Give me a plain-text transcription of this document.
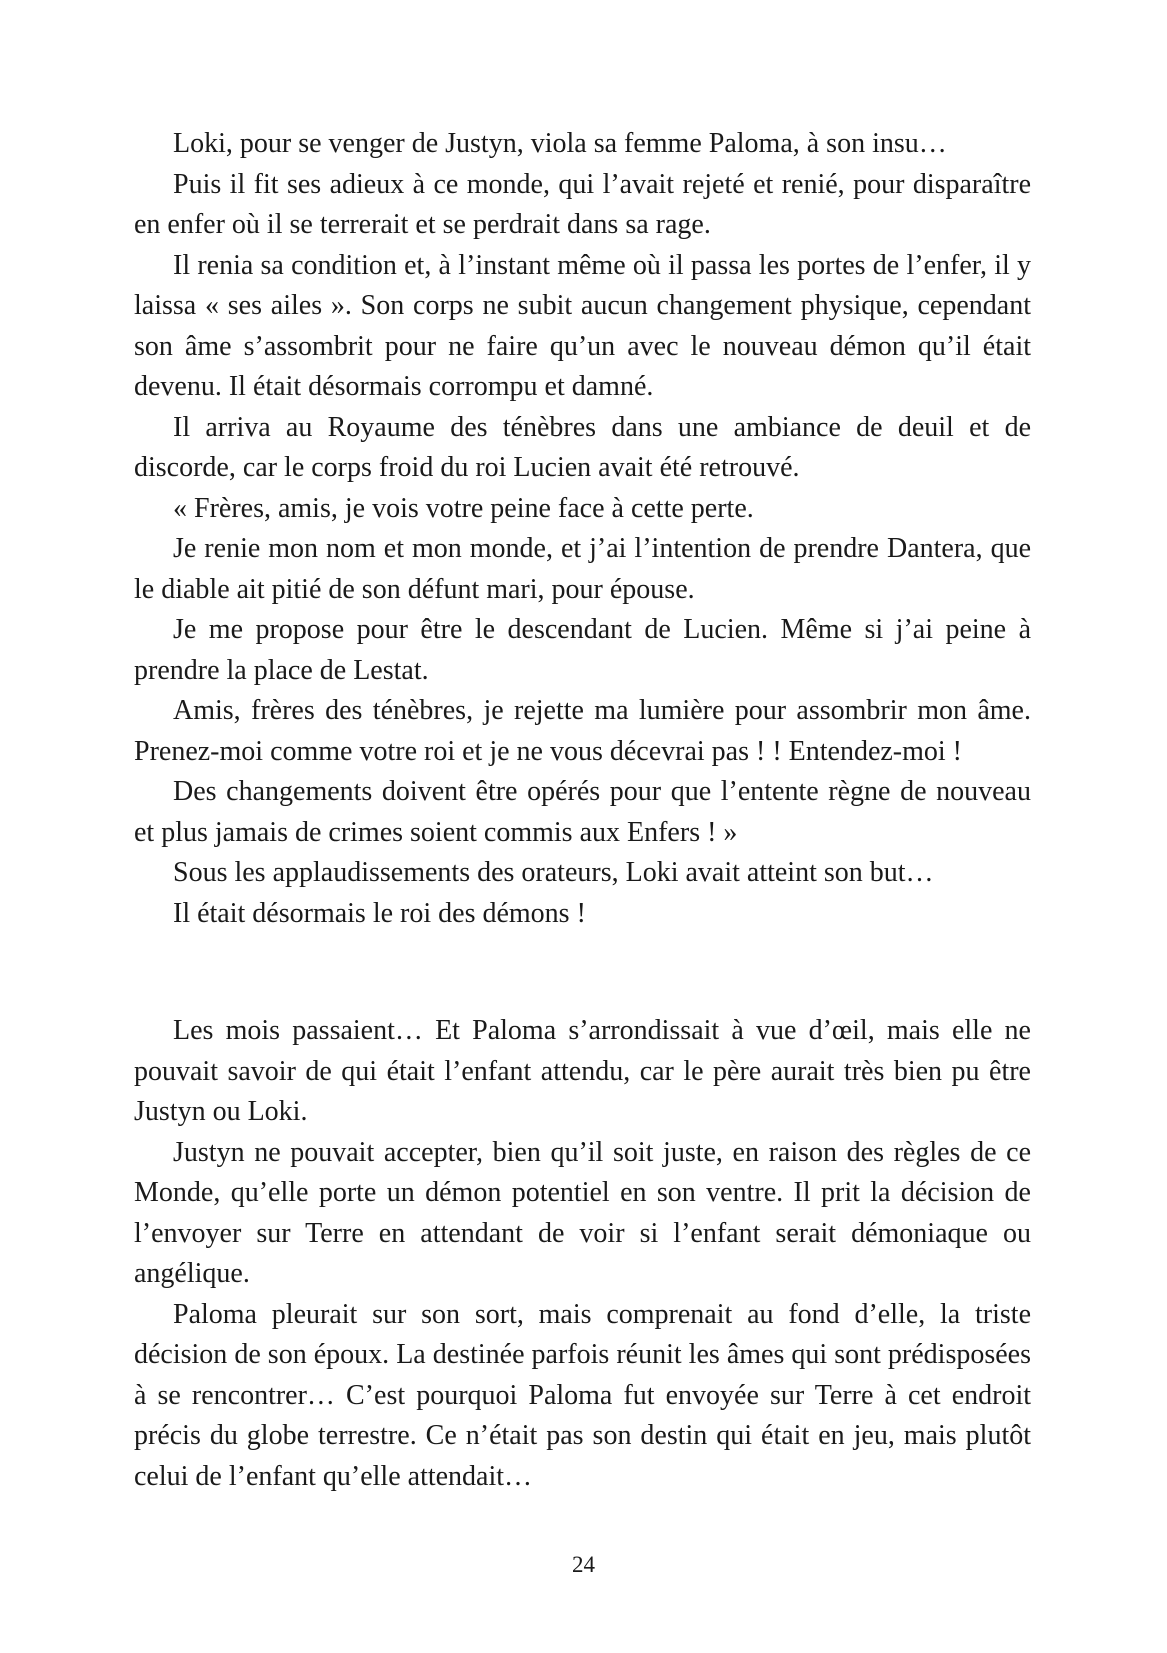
Loki, pour se venger de Justyn, viola sa femme Paloma, à son insu…

Puis il fit ses adieux à ce monde, qui l’avait rejeté et renié, pour disparaître en enfer où il se terrerait et se perdrait dans sa rage.

Il renia sa condition et, à l’instant même où il passa les portes de l’enfer, il y laissa « ses ailes ». Son corps ne subit aucun changement physique, cependant son âme s’assombrit pour ne faire qu’un avec le nouveau démon qu’il était devenu. Il était désormais corrompu et damné.

Il arriva au Royaume des ténèbres dans une ambiance de deuil et de discorde, car le corps froid du roi Lucien avait été retrouvé.

« Frères, amis, je vois votre peine face à cette perte.

Je renie mon nom et mon monde, et j’ai l’intention de prendre Dantera, que le diable ait pitié de son défunt mari, pour épouse.

Je me propose pour être le descendant de Lucien. Même si j’ai peine à prendre la place de Lestat.

Amis, frères des ténèbres, je rejette ma lumière pour assombrir mon âme. Prenez-moi comme votre roi et je ne vous décevrai pas ! ! Entendez-moi !

Des changements doivent être opérés pour que l’entente règne de nouveau et plus jamais de crimes soient commis aux Enfers ! »

Sous les applaudissements des orateurs, Loki avait atteint son but…

Il était désormais le roi des démons !

Les mois passaient… Et Paloma s’arrondissait à vue d’œil, mais elle ne pouvait savoir de qui était l’enfant attendu, car le père aurait très bien pu être Justyn ou Loki.

Justyn ne pouvait accepter, bien qu’il soit juste, en raison des règles de ce Monde, qu’elle porte un démon potentiel en son ventre. Il prit la décision de l’envoyer sur Terre en attendant de voir si l’enfant serait démoniaque ou angélique.

Paloma pleurait sur son sort, mais comprenait au fond d’elle, la triste décision de son époux. La destinée parfois réunit les âmes qui sont prédisposées à se rencontrer… C’est pourquoi Paloma fut envoyée sur Terre à cet endroit précis du globe terrestre. Ce n’était pas son destin qui était en jeu, mais plutôt celui de l’enfant qu’elle attendait…

24
